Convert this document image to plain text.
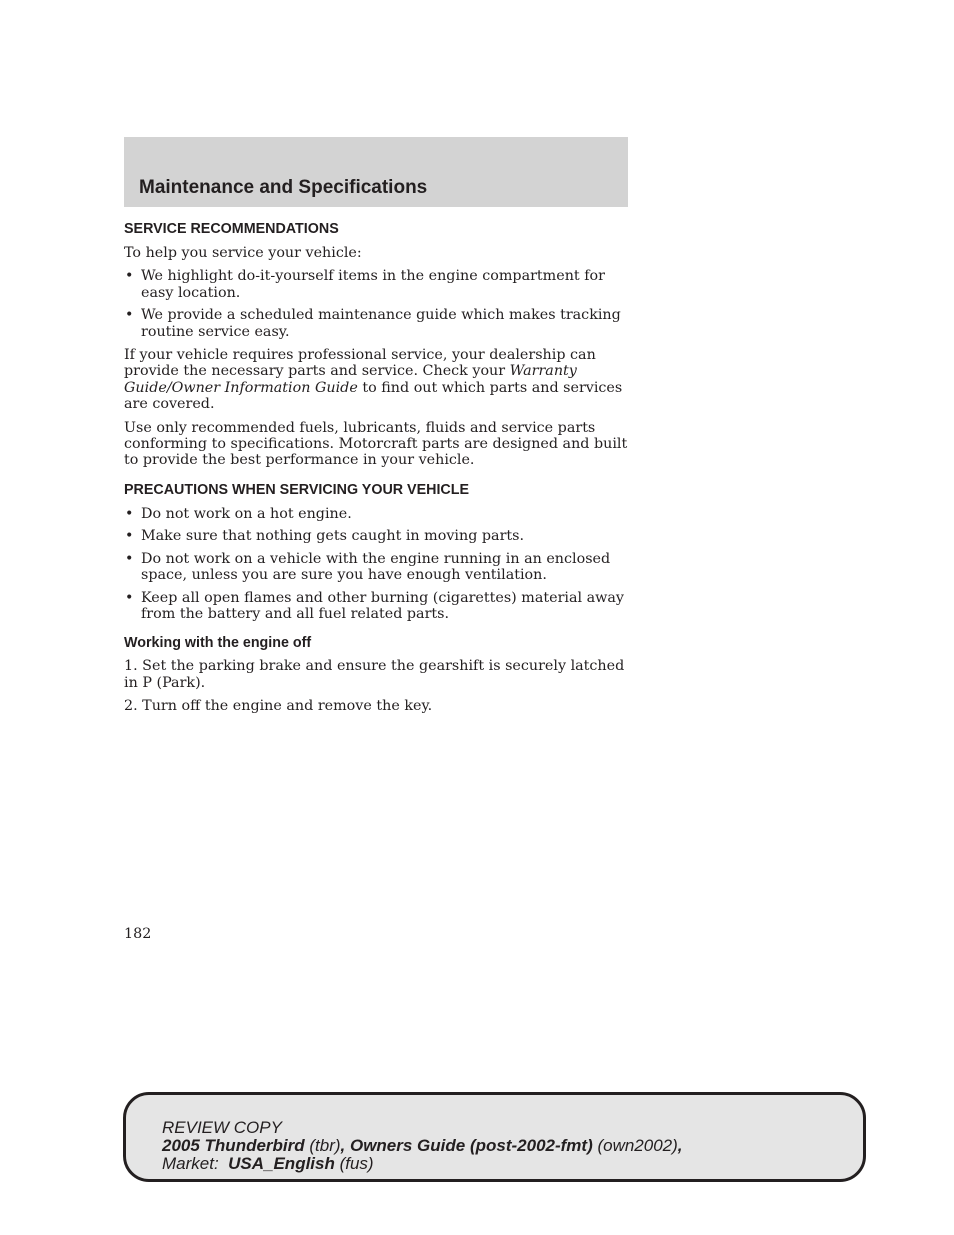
Maintenance and Specifications
SERVICE RECOMMENDATIONS

To help you service your vehicle:

• We highlight do-it-yourself items in the engine compartment for easy location.
• We provide a scheduled maintenance guide which makes tracking routine service easy.

If your vehicle requires professional service, your dealership can provide the necessary parts and service. Check your Warranty Guide/Owner Information Guide to find out which parts and services are covered.

Use only recommended fuels, lubricants, fluids and service parts conforming to specifications. Motorcraft parts are designed and built to provide the best performance in your vehicle.

PRECAUTIONS WHEN SERVICING YOUR VEHICLE
• Do not work on a hot engine.
• Make sure that nothing gets caught in moving parts.
• Do not work on a vehicle with the engine running in an enclosed space, unless you are sure you have enough ventilation.
• Keep all open flames and other burning (cigarettes) material away from the battery and all fuel related parts.
Working with the engine off

1. Set the parking brake and ensure the gearshift is securely latched in P (Park).

2. Turn off the engine and remove the key.

182
REVIEW COPY
2005 Thunderbird (tbr), Owners Guide (post-2002-fmt) (own2002),
Market:  USA_English (fus)
